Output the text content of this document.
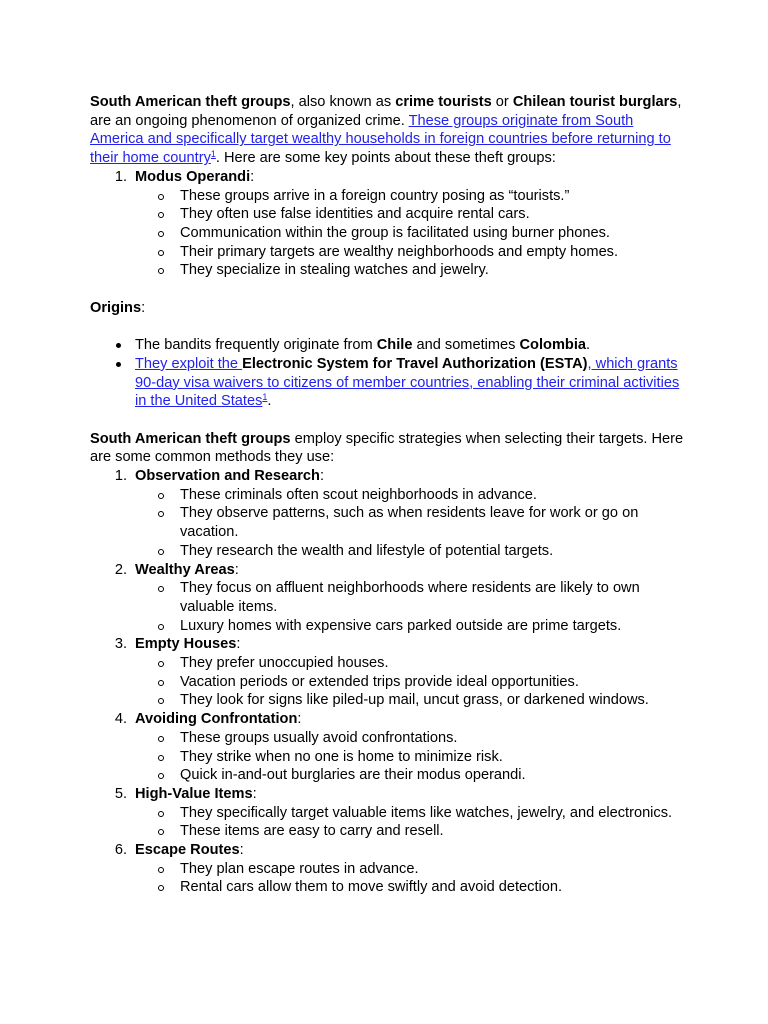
South American theft groups, also known as crime tourists or Chilean tourist burglars, are an ongoing phenomenon of organized crime. These groups originate from South America and specifically target wealthy households in foreign countries before returning to their home country$^1$. Here are some key points about these theft groups:

1. Modus Operandi:
These groups arrive in a foreign country posing as “tourists.”
They often use false identities and acquire rental cars.
Communication within the group is facilitated using burner phones.
Their primary targets are wealthy neighborhoods and empty homes.
They specialize in stealing watches and jewelry.

Origins:

The bandits frequently originate from Chile and sometimes Colombia.
They exploit the Electronic System for Travel Authorization (ESTA), which grants 90-day visa waivers to citizens of member countries, enabling their criminal activities in the United States$^1$.

South American theft groups employ specific strategies when selecting their targets. Here are some common methods they use:

1. Observation and Research:
These criminals often scout neighborhoods in advance.
They observe patterns, such as when residents leave for work or go on vacation.
They research the wealth and lifestyle of potential targets.
2. Wealthy Areas:
They focus on affluent neighborhoods where residents are likely to own valuable items.
Luxury homes with expensive cars parked outside are prime targets.
3. Empty Houses:
They prefer unoccupied houses.
Vacation periods or extended trips provide ideal opportunities.
They look for signs like piled-up mail, uncut grass, or darkened windows.
4. Avoiding Confrontation:
These groups usually avoid confrontations.
They strike when no one is home to minimize risk.
Quick in-and-out burglaries are their modus operandi.
5. High-Value Items:
They specifically target valuable items like watches, jewelry, and electronics.
These items are easy to carry and resell.
6. Escape Routes:
They plan escape routes in advance.
Rental cars allow them to move swiftly and avoid detection.
